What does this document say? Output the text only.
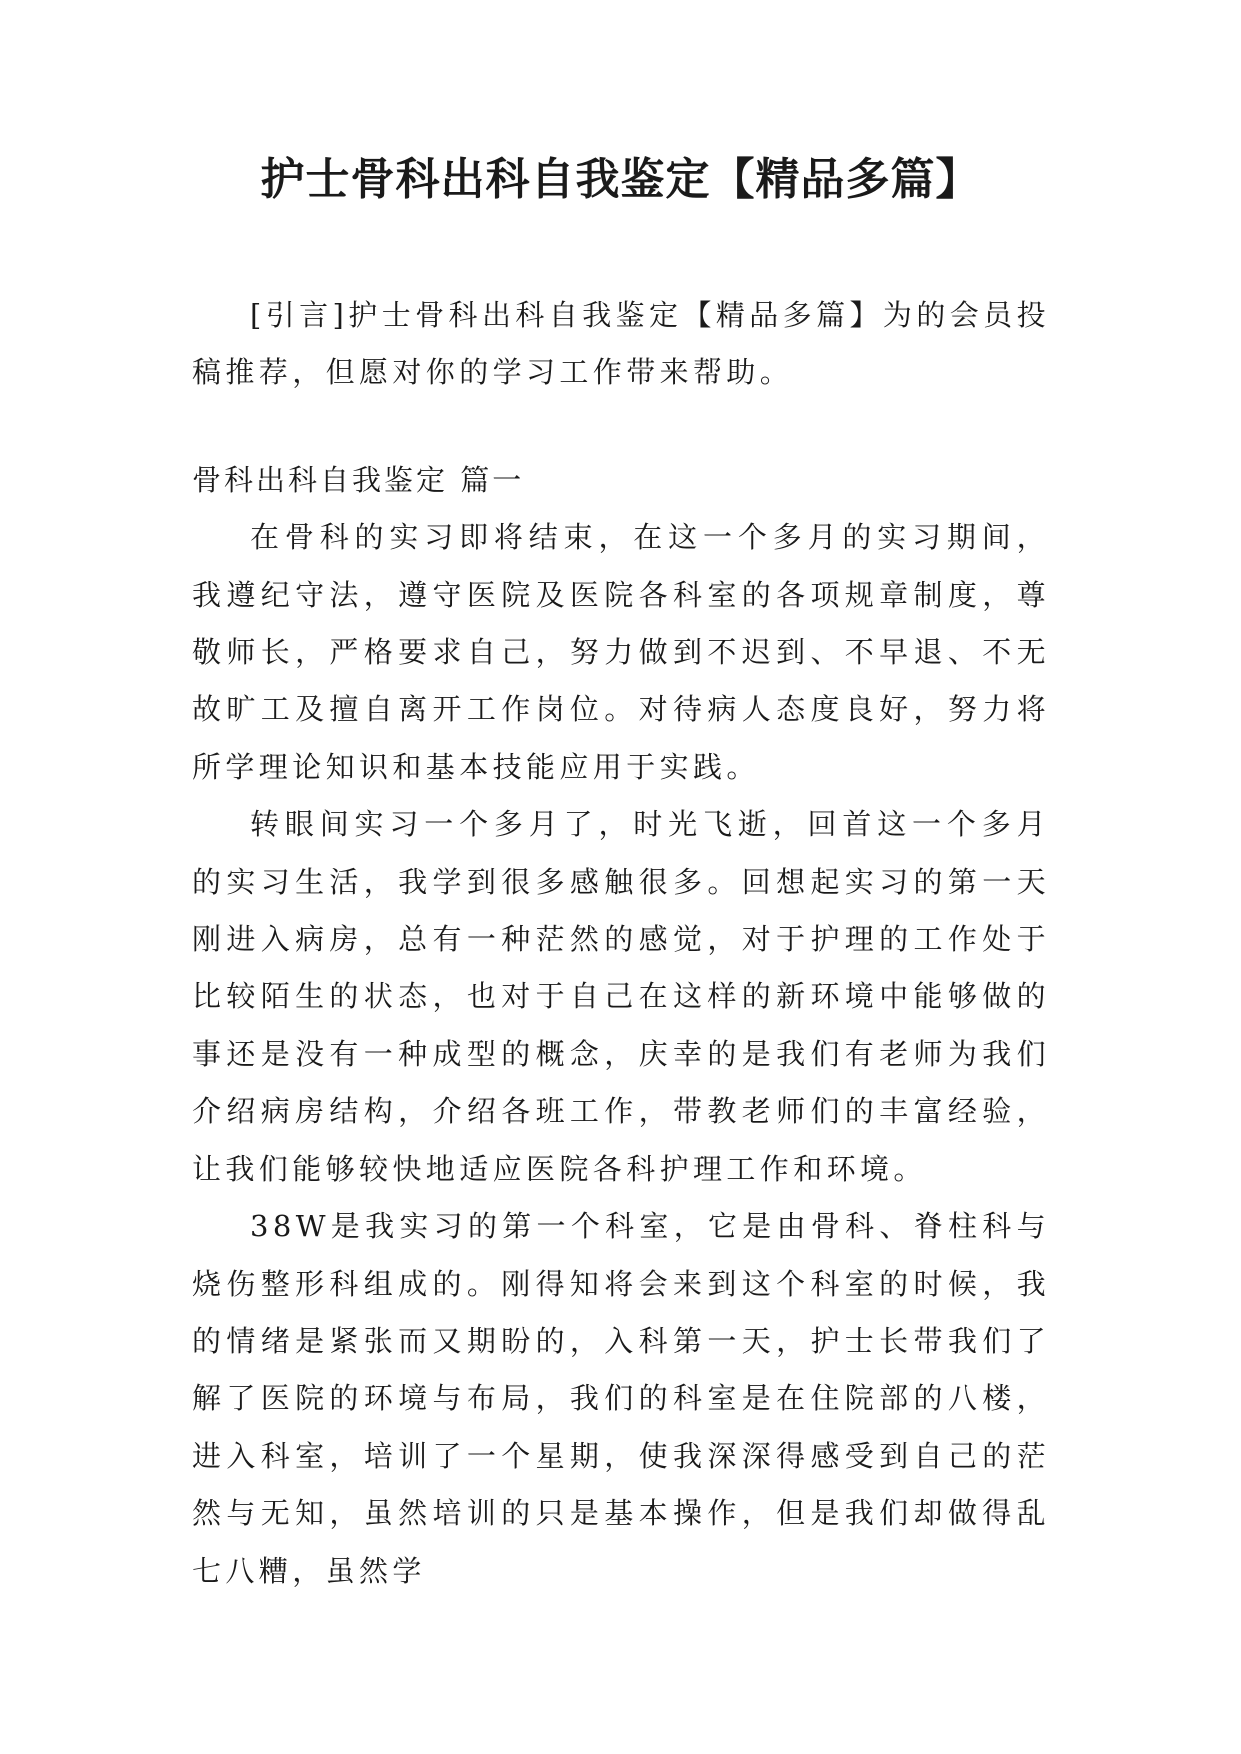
护士骨科出科自我鉴定【精品多篇】

[引言]护士骨科出科自我鉴定【精品多篇】为的会员投稿推荐，但愿对你的学习工作带来帮助。

骨科出科自我鉴定 篇一

在骨科的实习即将结束，在这一个多月的实习期间，我遵纪守法，遵守医院及医院各科室的各项规章制度，尊敬师长，严格要求自己，努力做到不迟到、不早退、不无故旷工及擅自离开工作岗位。对待病人态度良好，努力将所学理论知识和基本技能应用于实践。

转眼间实习一个多月了，时光飞逝，回首这一个多月的实习生活，我学到很多感触很多。回想起实习的第一天刚进入病房，总有一种茫然的感觉，对于护理的工作处于比较陌生的状态，也对于自己在这样的新环境中能够做的事还是没有一种成型的概念，庆幸的是我们有老师为我们介绍病房结构，介绍各班工作，带教老师们的丰富经验，让我们能够较快地适应医院各科护理工作和环境。

38W是我实习的第一个科室，它是由骨科、脊柱科与烧伤整形科组成的。刚得知将会来到这个科室的时候，我的情绪是紧张而又期盼的，入科第一天，护士长带我们了解了医院的环境与布局，我们的科室是在住院部的八楼，进入科室，培训了一个星期，使我深深得感受到自己的茫然与无知，虽然培训的只是基本操作，但是我们却做得乱七八糟，虽然学
